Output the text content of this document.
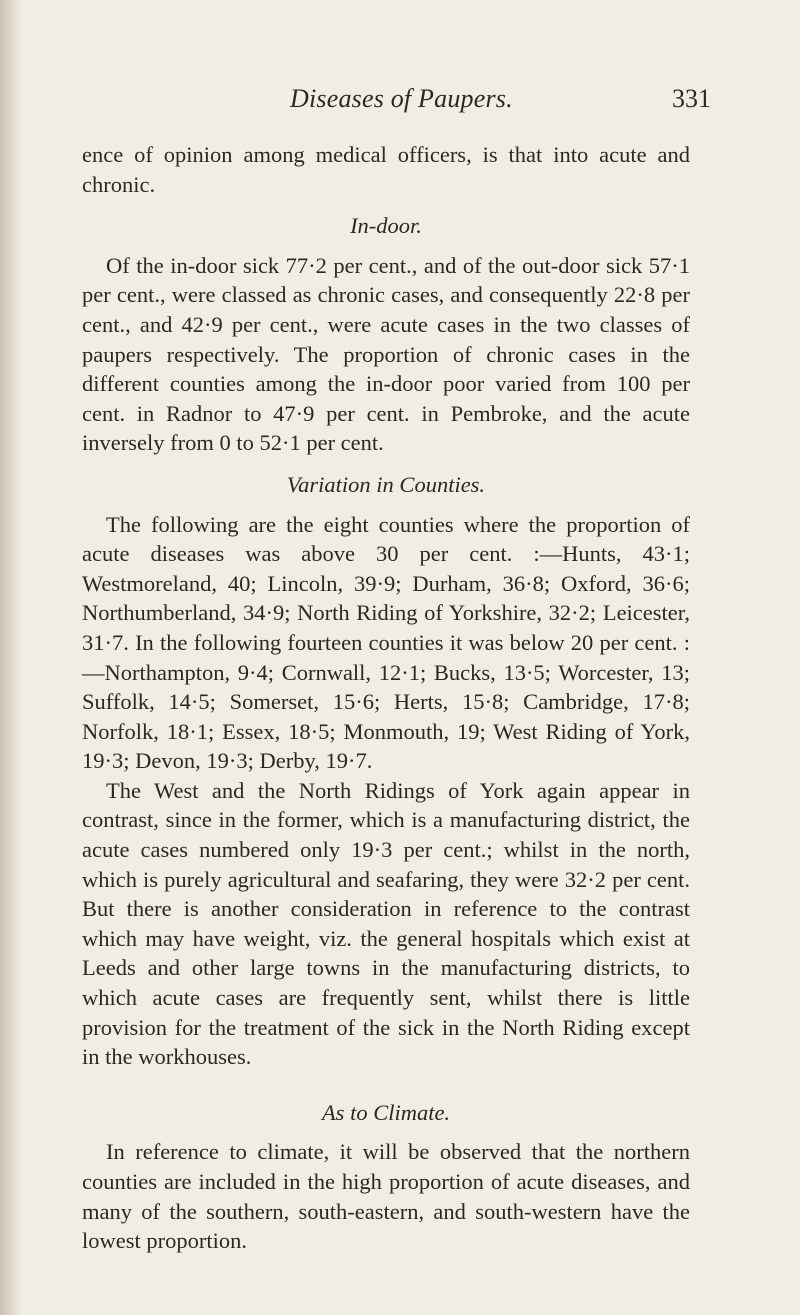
Diseases of Paupers.	331

ence of opinion among medical officers, is that into acute and chronic.

In-door.

Of the in-door sick 77·2 per cent., and of the out-door sick 57·1 per cent., were classed as chronic cases, and consequently 22·8 per cent., and 42·9 per cent., were acute cases in the two classes of paupers respectively. The proportion of chronic cases in the different counties among the in-door poor varied from 100 per cent. in Radnor to 47·9 per cent. in Pembroke, and the acute inversely from 0 to 52·1 per cent.

Variation in Counties.

The following are the eight counties where the proportion of acute diseases was above 30 per cent. :—Hunts, 43·1; Westmoreland, 40; Lincoln, 39·9; Durham, 36·8; Oxford, 36·6; Northumberland, 34·9; North Riding of Yorkshire, 32·2; Leicester, 31·7. In the following fourteen counties it was below 20 per cent. :—Northampton, 9·4; Cornwall, 12·1; Bucks, 13·5; Worcester, 13; Suffolk, 14·5; Somerset, 15·6; Herts, 15·8; Cambridge, 17·8; Norfolk, 18·1; Essex, 18·5; Monmouth, 19; West Riding of York, 19·3; Devon, 19·3; Derby, 19·7.

The West and the North Ridings of York again appear in contrast, since in the former, which is a manufacturing district, the acute cases numbered only 19·3 per cent.; whilst in the north, which is purely agricultural and seafaring, they were 32·2 per cent. But there is another consideration in reference to the contrast which may have weight, viz. the general hospitals which exist at Leeds and other large towns in the manufacturing districts, to which acute cases are frequently sent, whilst there is little provision for the treatment of the sick in the North Riding except in the workhouses.

As to Climate.

In reference to climate, it will be observed that the northern counties are included in the high proportion of acute diseases, and many of the southern, south-eastern, and south-western have the lowest proportion.
